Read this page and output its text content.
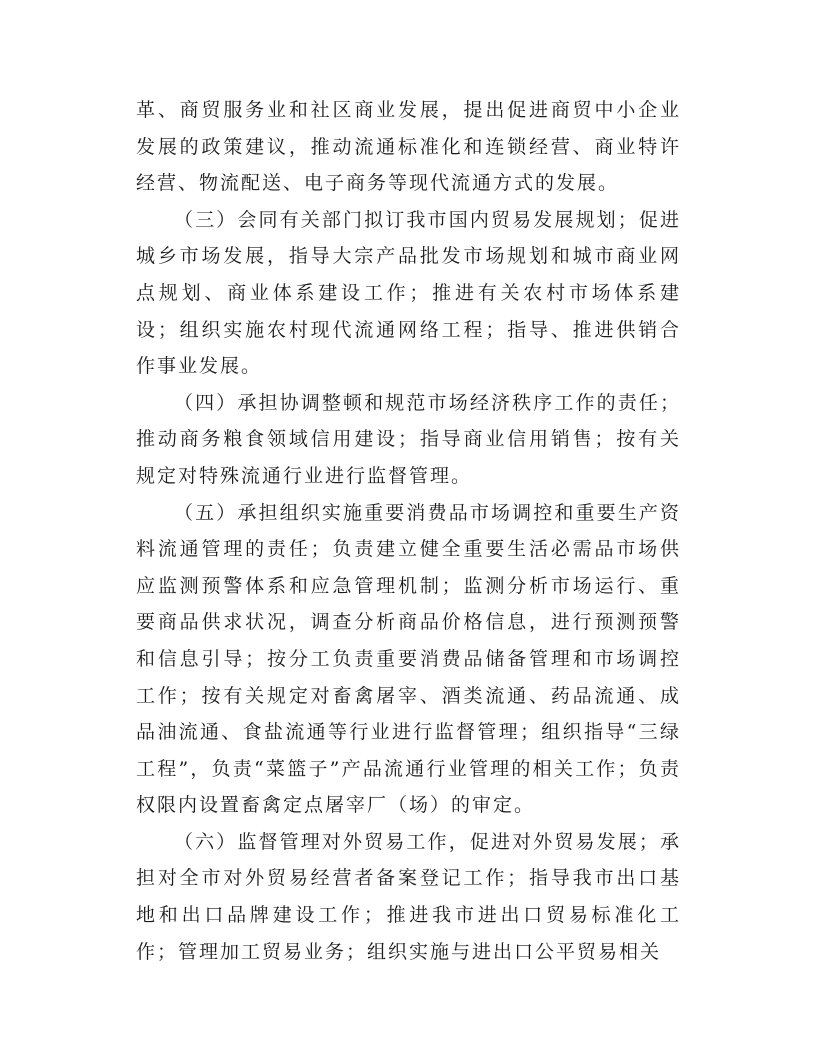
革、商贸服务业和社区商业发展，提出促进商贸中小企业发展的政策建议，推动流通标准化和连锁经营、商业特许经营、物流配送、电子商务等现代流通方式的发展。

（三）会同有关部门拟订我市国内贸易发展规划；促进城乡市场发展，指导大宗产品批发市场规划和城市商业网点规划、商业体系建设工作；推进有关农村市场体系建设；组织实施农村现代流通网络工程；指导、推进供销合作事业发展。

（四）承担协调整顿和规范市场经济秩序工作的责任；推动商务粮食领域信用建设；指导商业信用销售；按有关规定对特殊流通行业进行监督管理。

（五）承担组织实施重要消费品市场调控和重要生产资料流通管理的责任；负责建立健全重要生活必需品市场供应监测预警体系和应急管理机制；监测分析市场运行、重要商品供求状况，调查分析商品价格信息，进行预测预警和信息引导；按分工负责重要消费品储备管理和市场调控工作；按有关规定对畜禽屠宰、酒类流通、药品流通、成品油流通、食盐流通等行业进行监督管理；组织指导“三绿工程”，负责“菜篮子”产品流通行业管理的相关工作；负责权限内设置畜禽定点屠宰厂（场）的审定。

（六）监督管理对外贸易工作，促进对外贸易发展；承担对全市对外贸易经营者备案登记工作；指导我市出口基地和出口品牌建设工作；推进我市进出口贸易标准化工作；管理加工贸易业务；组织实施与进出口公平贸易相关
